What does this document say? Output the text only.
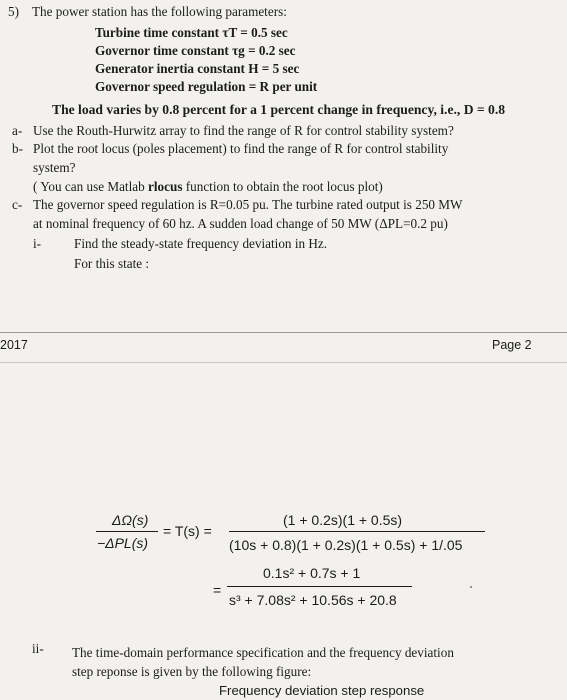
5) The power station has the following parameters:
Turbine time constant τT = 0.5 sec
Governor time constant τg = 0.2 sec
Generator inertia constant H = 5 sec
Governor speed regulation = R per unit
The load varies by 0.8 percent for a 1 percent change in frequency, i.e., D = 0.8
a- Use the Routh-Hurwitz array to find the range of R for control stability system?
b- Plot the root locus (poles placement) to find the range of R for control stability
system?
( You can use Matlab rlocus function to obtain the root locus plot)
c- The governor speed regulation is R=0.05 pu. The turbine rated output is 250 MW
at nominal frequency of 60 hz. A sudden load change of 50 MW (ΔPL=0.2 pu)
i- Find the steady-state frequency deviation in Hz.
For this state :
2017	Page 2
ΔΩ(s)
−ΔPL(s)
= T(s) =
(1 + 0.2s)(1 + 0.5s)
(10s + 0.8)(1 + 0.2s)(1 + 0.5s) + 1/.05
=
0.1s² + 0.7s + 1
s³ + 7.08s² + 10.56s + 20.8
ii- The time-domain performance specification and the frequency deviation
step reponse is given by the following figure:
Frequency deviation step response
